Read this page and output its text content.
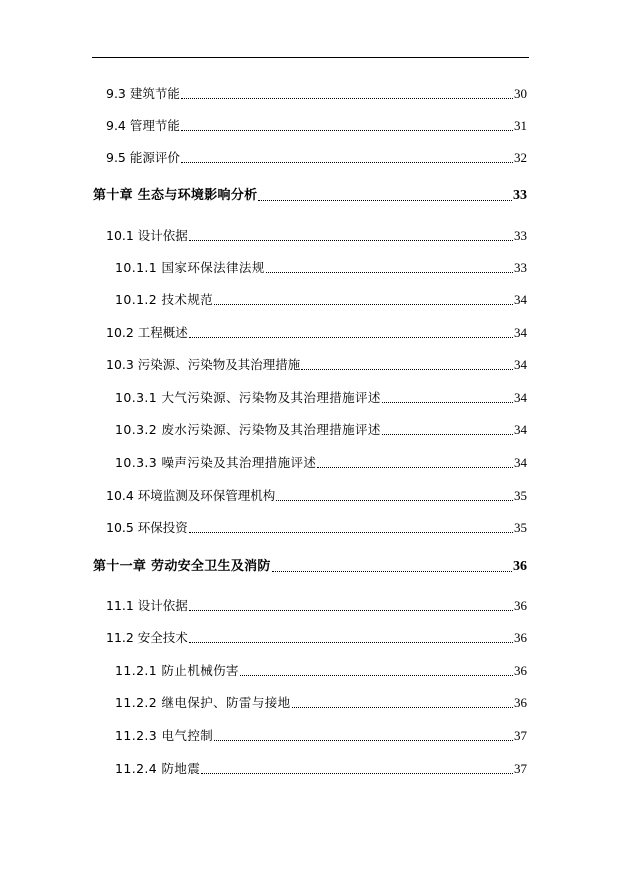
9.3 建筑节能	30
9.4 管理节能	31
9.5 能源评价	32
第十章 生态与环境影响分析	33
10.1 设计依据	33
10.1.1 国家环保法律法规	33
10.1.2 技术规范	34
10.2 工程概述	34
10.3 污染源、污染物及其治理措施	34
10.3.1 大气污染源、污染物及其治理措施评述	34
10.3.2 废水污染源、污染物及其治理措施评述	34
10.3.3 噪声污染及其治理措施评述	34
10.4 环境监测及环保管理机构	35
10.5 环保投资	35
第十一章 劳动安全卫生及消防	36
11.1 设计依据	36
11.2 安全技术	36
11.2.1 防止机械伤害	36
11.2.2 继电保护、防雷与接地	36
11.2.3 电气控制	37
11.2.4 防地震	37
